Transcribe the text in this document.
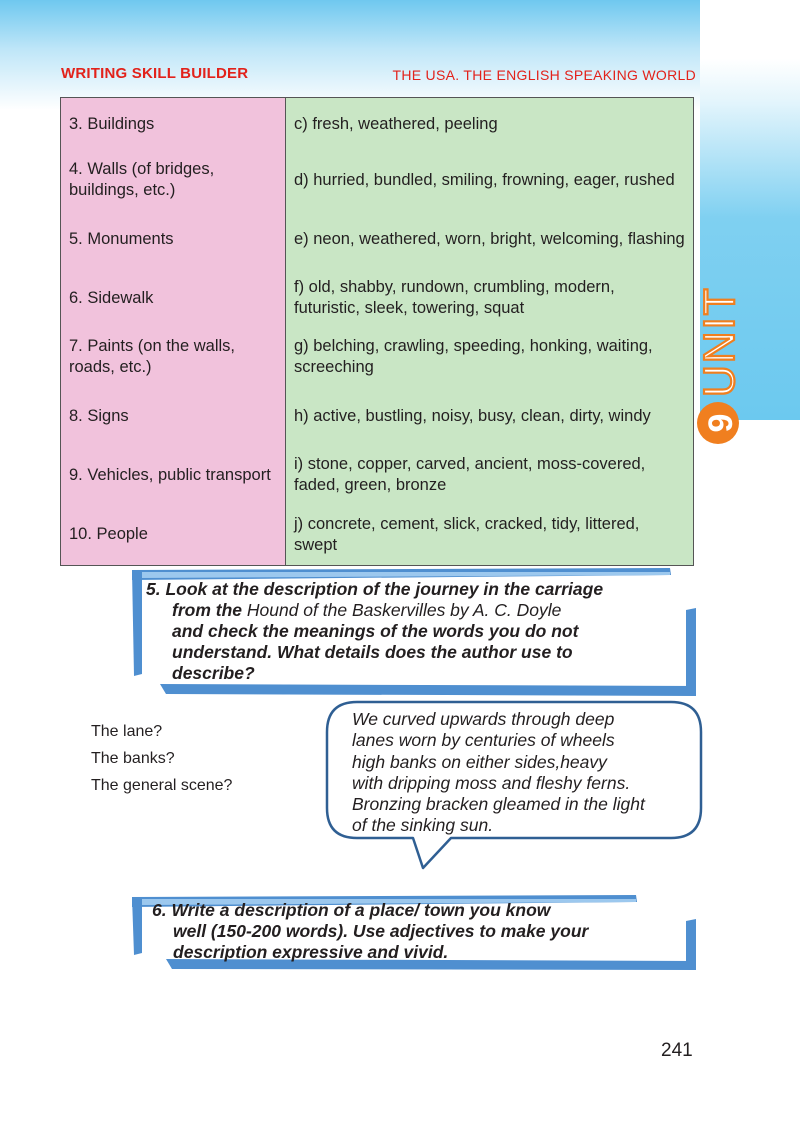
WRITING SKILL BUILDER	THE USA. THE ENGLISH SPEAKING WORLD
UNIT
9
3. Buildings	c) fresh, weathered, peeling
4. Walls (of bridges, buildings, etc.)	d) hurried, bundled, smiling, frowning, eager, rushed
5. Monuments	e) neon, weathered, worn, bright, welcoming, flashing
6. Sidewalk	f) old, shabby, rundown, crumbling, modern, futuristic, sleek, towering, squat
7. Paints (on the walls, roads, etc.)	g) belching, crawling, speeding, honking, waiting, screeching
8. Signs	h) active, bustling, noisy, busy, clean, dirty, windy
9. Vehicles, public transport	i) stone, copper, carved, ancient, moss-covered, faded, green, bronze
10. People	j) concrete, cement, slick, cracked, tidy, littered, swept
5. Look at the description of the journey in the carriage
from the Hound of the Baskervilles by A. C. Doyle
and check the meanings of the words you do not
understand. What details does the author use to
describe?
The lane?
The banks?
The general scene?
We curved upwards through deep
lanes worn by centuries of wheels
high banks on either sides,heavy
with dripping moss and fleshy ferns.
Bronzing bracken gleamed in the light
of the sinking sun.
6. Write a description of a place/ town you know
well (150-200 words). Use adjectives to make your
description expressive and vivid.
241
